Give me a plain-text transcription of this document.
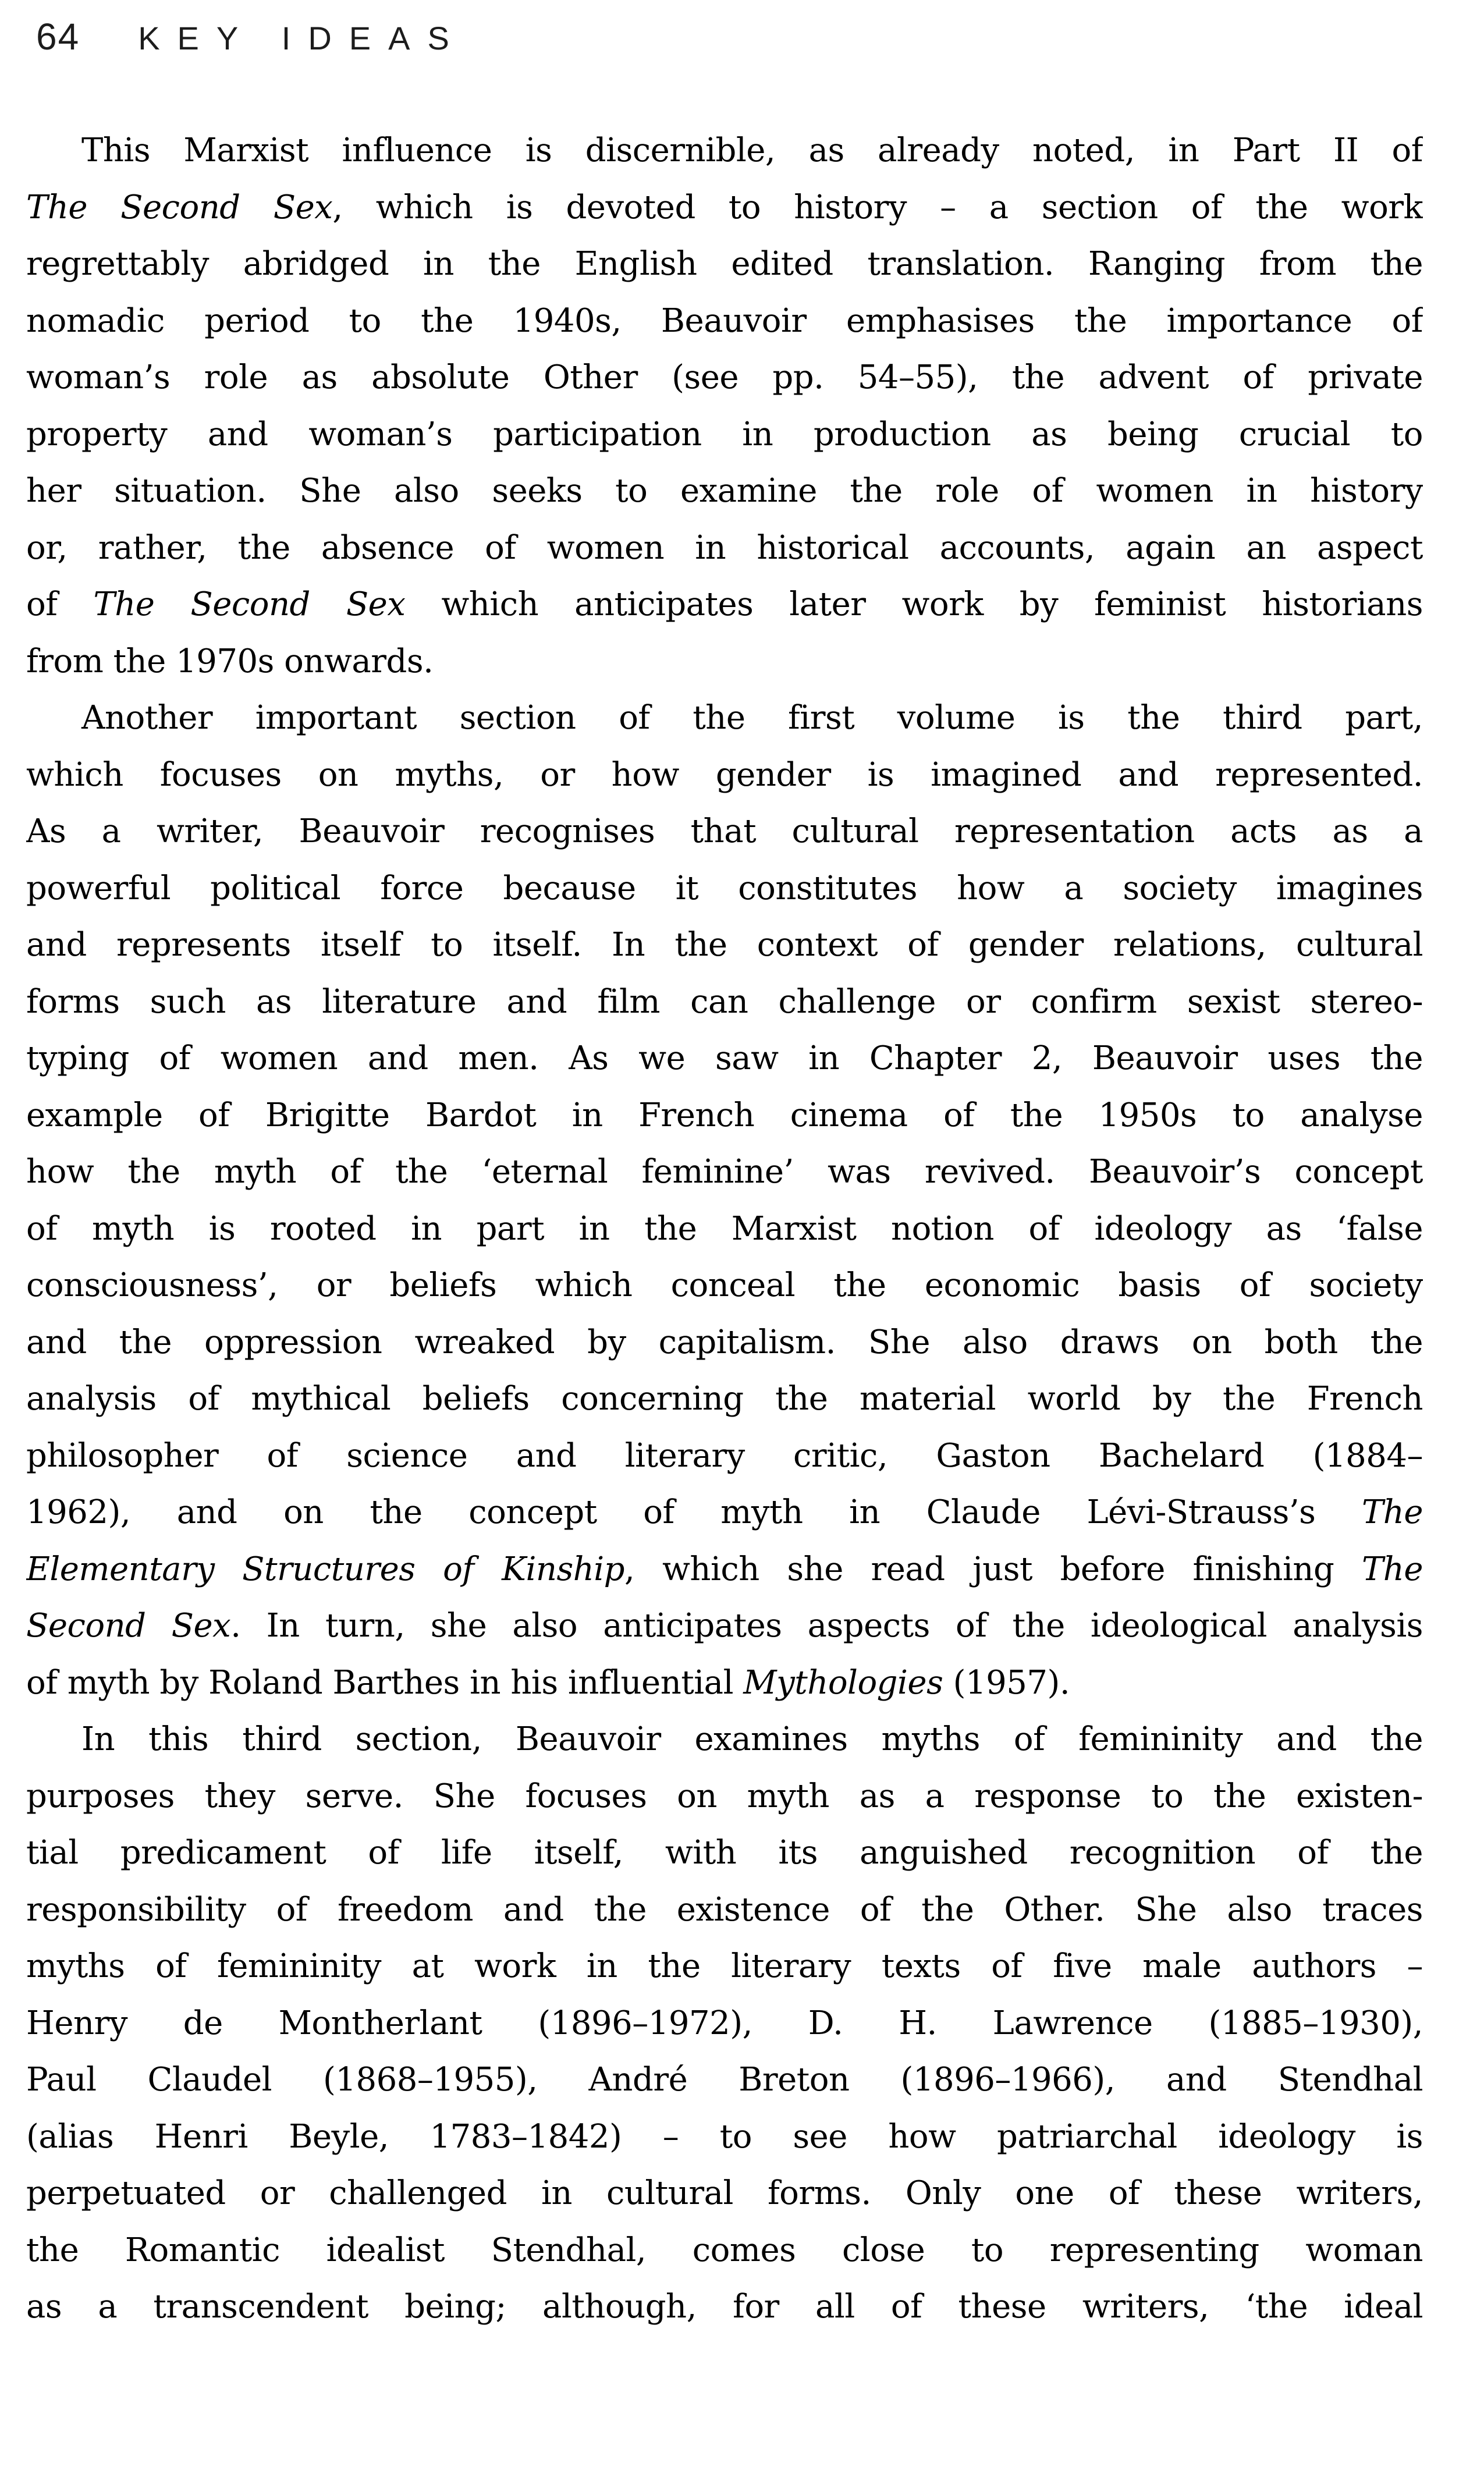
64 KEY IDEAS
This Marxist influence is discernible, as already noted, in Part II of
The Second Sex, which is devoted to history – a section of the work
regrettably abridged in the English edited translation. Ranging from the
nomadic period to the 1940s, Beauvoir emphasises the importance of
woman’s role as absolute Other (see pp. 54–55), the advent of private
property and woman’s participation in production as being crucial to
her situation. She also seeks to examine the role of women in history
or, rather, the absence of women in historical accounts, again an aspect
of The Second Sex which anticipates later work by feminist historians
from the 1970s onwards.
Another important section of the first volume is the third part,
which focuses on myths, or how gender is imagined and represented.
As a writer, Beauvoir recognises that cultural representation acts as a
powerful political force because it constitutes how a society imagines
and represents itself to itself. In the context of gender relations, cultural
forms such as literature and film can challenge or confirm sexist stereo-
typing of women and men. As we saw in Chapter 2, Beauvoir uses the
example of Brigitte Bardot in French cinema of the 1950s to analyse
how the myth of the ‘eternal feminine’ was revived. Beauvoir’s concept
of myth is rooted in part in the Marxist notion of ideology as ‘false
consciousness’, or beliefs which conceal the economic basis of society
and the oppression wreaked by capitalism. She also draws on both the
analysis of mythical beliefs concerning the material world by the French
philosopher of science and literary critic, Gaston Bachelard (1884–
1962), and on the concept of myth in Claude Lévi-Strauss’s The
Elementary Structures of Kinship, which she read just before finishing The
Second Sex. In turn, she also anticipates aspects of the ideological analysis
of myth by Roland Barthes in his influential Mythologies (1957).
In this third section, Beauvoir examines myths of femininity and the
purposes they serve. She focuses on myth as a response to the existen-
tial predicament of life itself, with its anguished recognition of the
responsibility of freedom and the existence of the Other. She also traces
myths of femininity at work in the literary texts of five male authors –
Henry de Montherlant (1896–1972), D. H. Lawrence (1885–1930),
Paul Claudel (1868–1955), André Breton (1896–1966), and Stendhal
(alias Henri Beyle, 1783–1842) – to see how patriarchal ideology is
perpetuated or challenged in cultural forms. Only one of these writers,
the Romantic idealist Stendhal, comes close to representing woman
as a transcendent being; although, for all of these writers, ‘the ideal
